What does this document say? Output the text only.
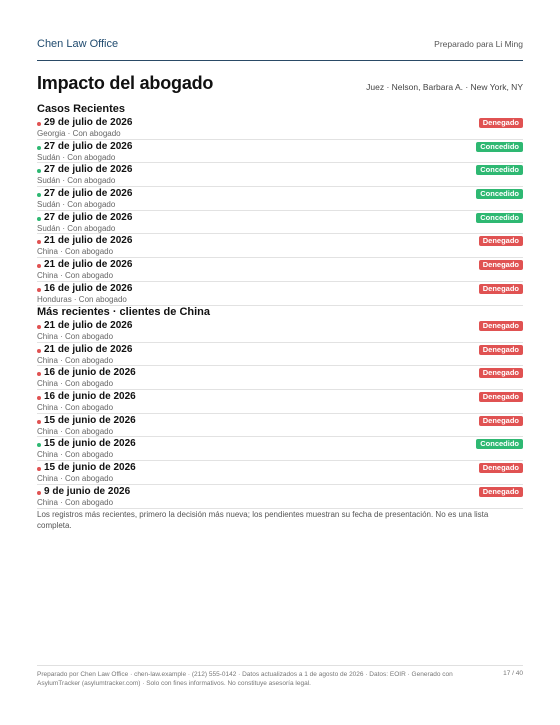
Chen Law Office	Preparado para Li Ming
Impacto del abogado	Juez · Nelson, Barbara A. · New York, NY
Casos Recientes
29 de julio de 2026
Georgia · Con abogado
Denegado
27 de julio de 2026
Sudán · Con abogado
Concedido
27 de julio de 2026
Sudán · Con abogado
Concedido
27 de julio de 2026
Sudán · Con abogado
Concedido
27 de julio de 2026
Sudán · Con abogado
Concedido
21 de julio de 2026
China · Con abogado
Denegado
21 de julio de 2026
China · Con abogado
Denegado
16 de julio de 2026
Honduras · Con abogado
Denegado
Más recientes · clientes de China
21 de julio de 2026
China · Con abogado
Denegado
21 de julio de 2026
China · Con abogado
Denegado
16 de junio de 2026
China · Con abogado
Denegado
16 de junio de 2026
China · Con abogado
Denegado
15 de junio de 2026
China · Con abogado
Denegado
15 de junio de 2026
China · Con abogado
Concedido
15 de junio de 2026
China · Con abogado
Denegado
9 de junio de 2026
China · Con abogado
Denegado
Los registros más recientes, primero la decisión más nueva; los pendientes muestran su fecha de presentación. No es una lista completa.
Preparado por Chen Law Office · chen-law.example · (212) 555-0142 · Datos actualizados a 1 de agosto de 2026 · Datos: EOIR · Generado con AsylumTracker (asylumtracker.com) · Solo con fines informativos. No constituye asesoría legal.
17 / 40
